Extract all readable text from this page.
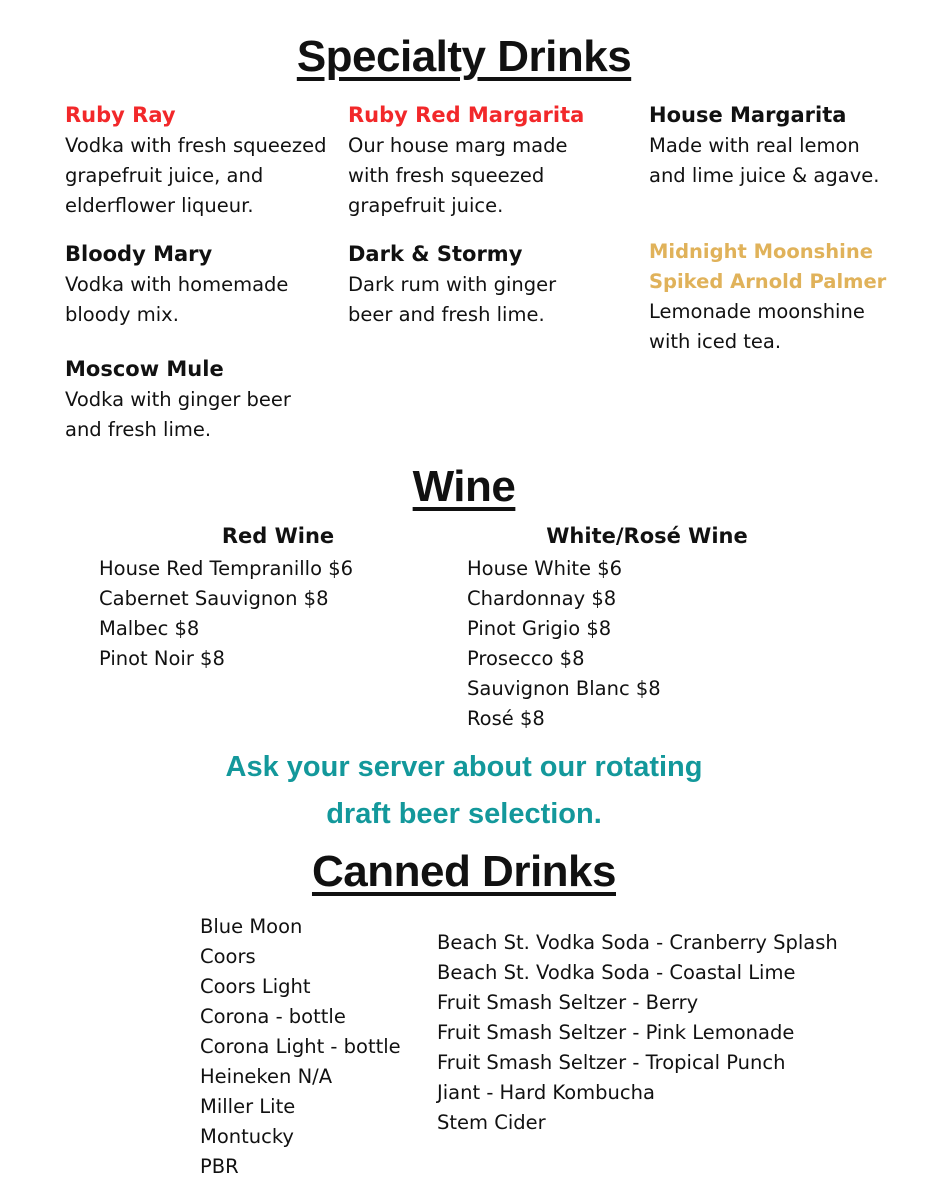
Specialty Drinks
Ruby Ray
Vodka with fresh squeezed grapefruit juice, and elderflower liqueur.
Bloody Mary
Vodka with homemade bloody mix.
Moscow Mule
Vodka with ginger beer and fresh lime.
Ruby Red Margarita
Our house marg made with fresh squeezed grapefruit juice.
Dark & Stormy
Dark rum with ginger beer and fresh lime.
House Margarita
Made with real lemon and lime juice & agave.
Midnight Moonshine
Spiked Arnold Palmer
Lemonade moonshine with iced tea.
Wine
Red Wine
House Red Tempranillo $6
Cabernet Sauvignon $8
Malbec $8
Pinot Noir $8
White/Rosé Wine
House White $6
Chardonnay $8
Pinot Grigio $8
Prosecco $8
Sauvignon Blanc $8
Rosé $8
Ask your server about our rotating
draft beer selection.
Canned Drinks
Blue Moon
Coors
Coors Light
Corona - bottle
Corona Light - bottle
Heineken N/A
Miller Lite
Montucky
PBR
Beach St. Vodka Soda - Cranberry Splash
Beach St. Vodka Soda - Coastal Lime
Fruit Smash Seltzer - Berry
Fruit Smash Seltzer - Pink Lemonade
Fruit Smash Seltzer - Tropical Punch
Jiant - Hard Kombucha
Stem Cider
